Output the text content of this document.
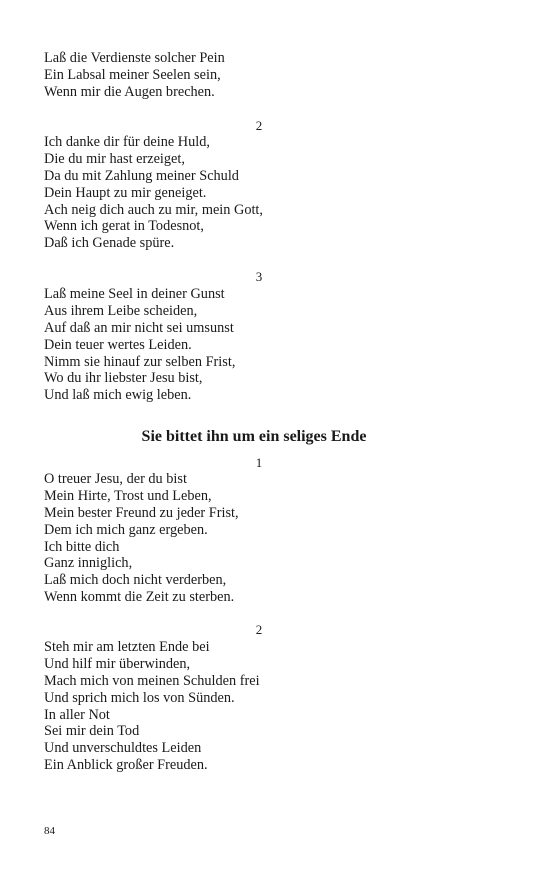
Laß die Verdienste solcher Pein
Ein Labsal meiner Seelen sein,
Wenn mir die Augen brechen.
2
Ich danke dir für deine Huld,
Die du mir hast erzeiget,
Da du mit Zahlung meiner Schuld
Dein Haupt zu mir geneiget.
Ach neig dich auch zu mir, mein Gott,
Wenn ich gerat in Todesnot,
Daß ich Genade spüre.
3
Laß meine Seel in deiner Gunst
Aus ihrem Leibe scheiden,
Auf daß an mir nicht sei umsunst
Dein teuer wertes Leiden.
Nimm sie hinauf zur selben Frist,
Wo du ihr liebster Jesu bist,
Und laß mich ewig leben.
Sie bittet ihn um ein seliges Ende
1
O treuer Jesu, der du bist
Mein Hirte, Trost und Leben,
Mein bester Freund zu jeder Frist,
Dem ich mich ganz ergeben.
Ich bitte dich
Ganz inniglich,
Laß mich doch nicht verderben,
Wenn kommt die Zeit zu sterben.
2
Steh mir am letzten Ende bei
Und hilf mir überwinden,
Mach mich von meinen Schulden frei
Und sprich mich los von Sünden.
In aller Not
Sei mir dein Tod
Und unverschuldtes Leiden
Ein Anblick großer Freuden.
84
